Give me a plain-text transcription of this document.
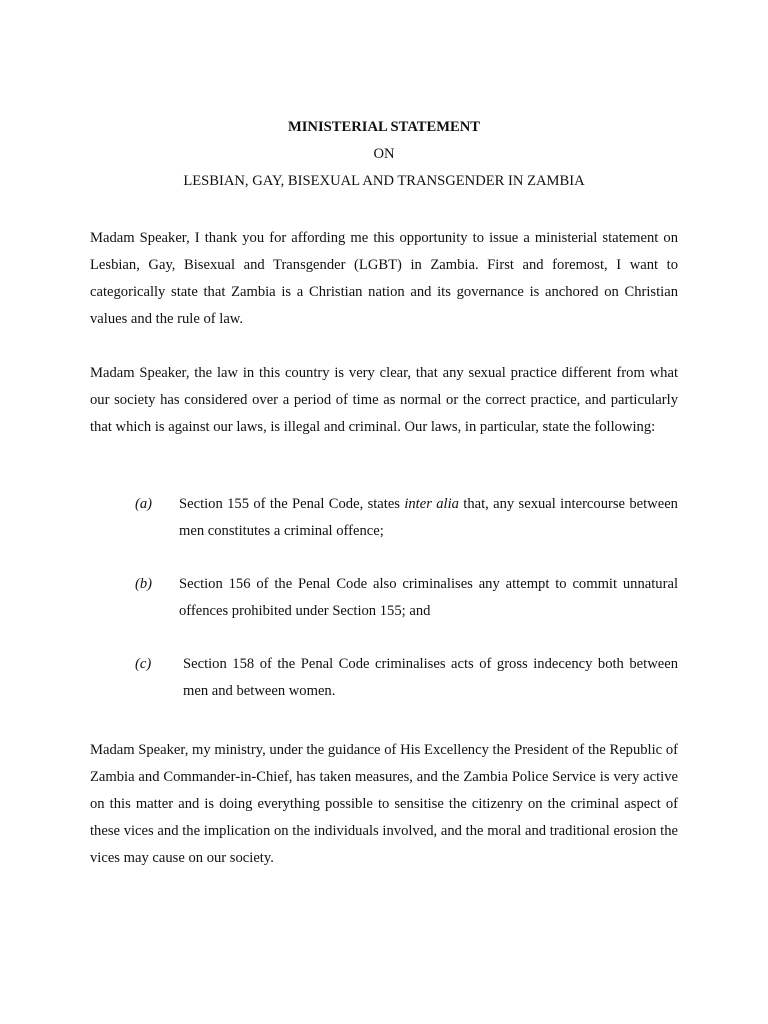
MINISTERIAL STATEMENT
ON
LESBIAN, GAY, BISEXUAL AND TRANSGENDER IN ZAMBIA

Madam Speaker, I thank you for affording me this opportunity to issue a ministerial statement on Lesbian, Gay, Bisexual and Transgender (LGBT) in Zambia. First and foremost, I want to categorically state that Zambia is a Christian nation and its governance is anchored on Christian values and the rule of law.

Madam Speaker, the law in this country is very clear, that any sexual practice different from what our society has considered over a period of time as normal or the correct practice, and particularly that which is against our laws, is illegal and criminal. Our laws, in particular, state the following:

(a) Section 155 of the Penal Code, states inter alia that, any sexual intercourse between men constitutes a criminal offence;

(b) Section 156 of the Penal Code also criminalises any attempt to commit unnatural offences prohibited under Section 155; and

(c) Section 158 of the Penal Code criminalises acts of gross indecency both between men and between women.

Madam Speaker, my ministry, under the guidance of His Excellency the President of the Republic of Zambia and Commander-in-Chief, has taken measures, and the Zambia Police Service is very active on this matter and is doing everything possible to sensitise the citizenry on the criminal aspect of these vices and the implication on the individuals involved, and the moral and traditional erosion the vices may cause on our society.
